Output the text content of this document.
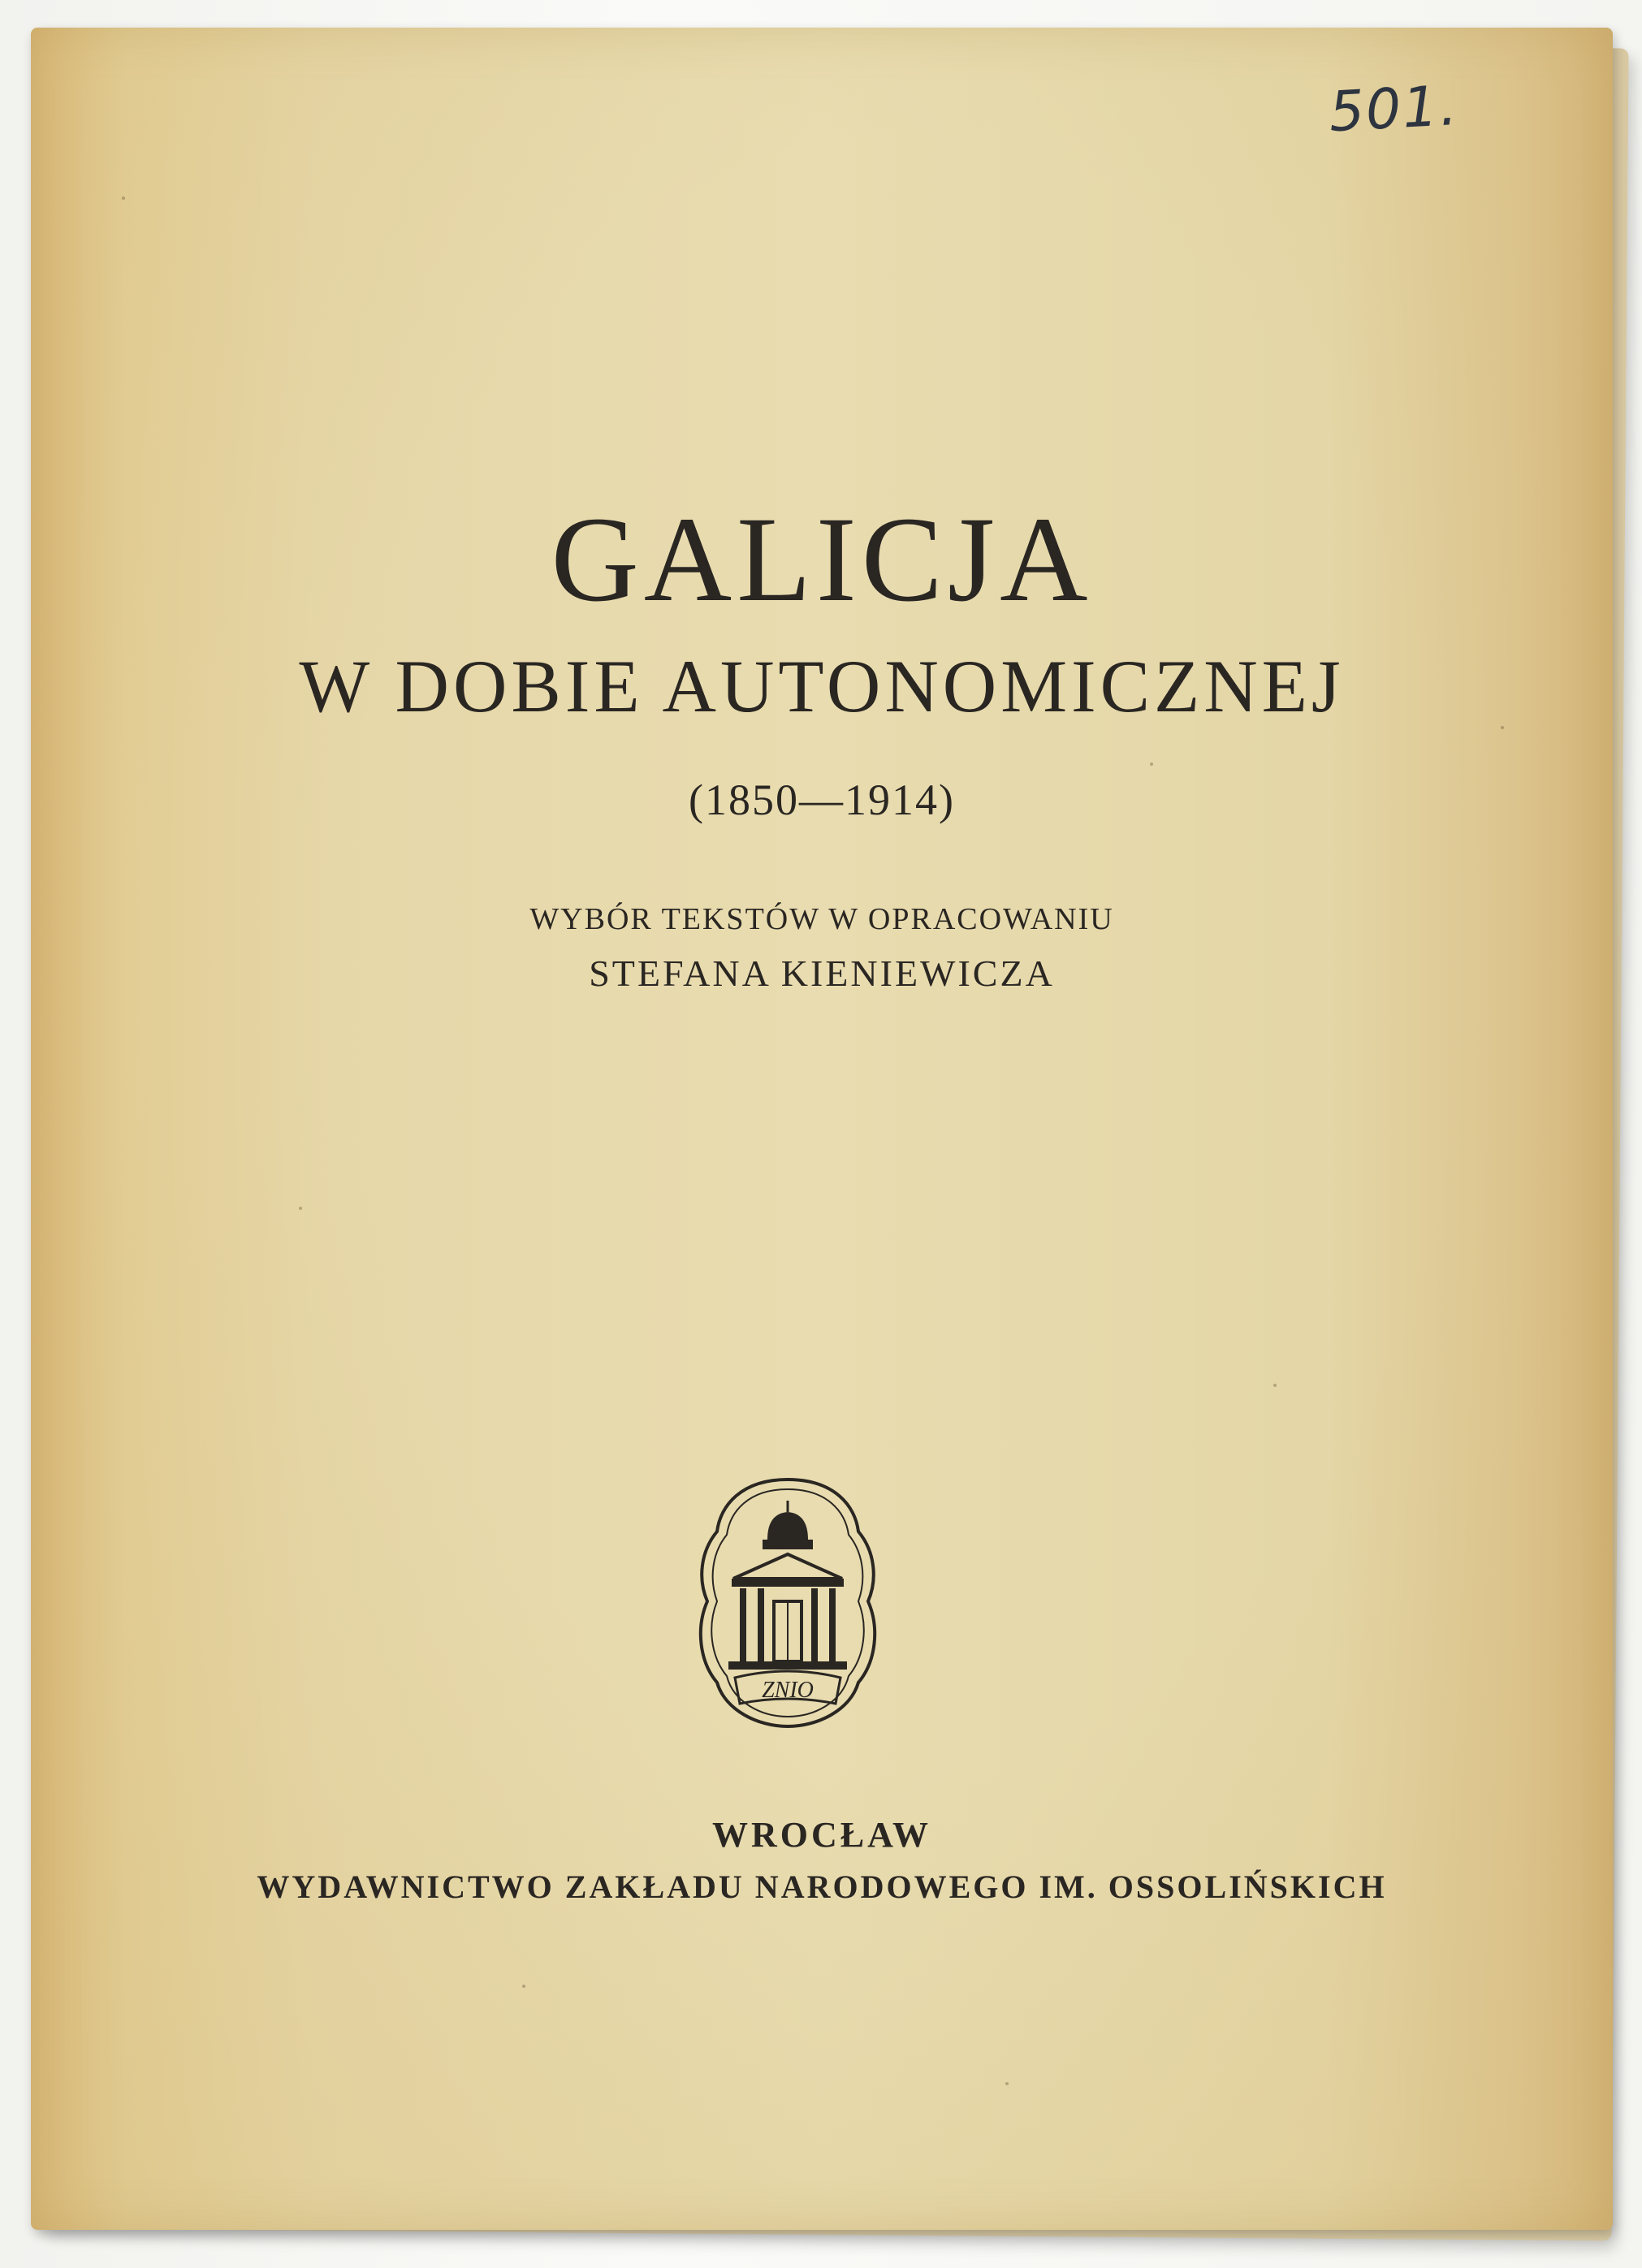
501.
GALICJA
W DOBIE AUTONOMICZNEJ
(1850—1914)
WYBÓR TEKSTÓW W OPRACOWANIU
STEFANA KIENIEWICZA
ZNIO
WROCŁAW
WYDAWNICTWO ZAKŁADU NARODOWEGO IM. OSSOLIŃSKICH
